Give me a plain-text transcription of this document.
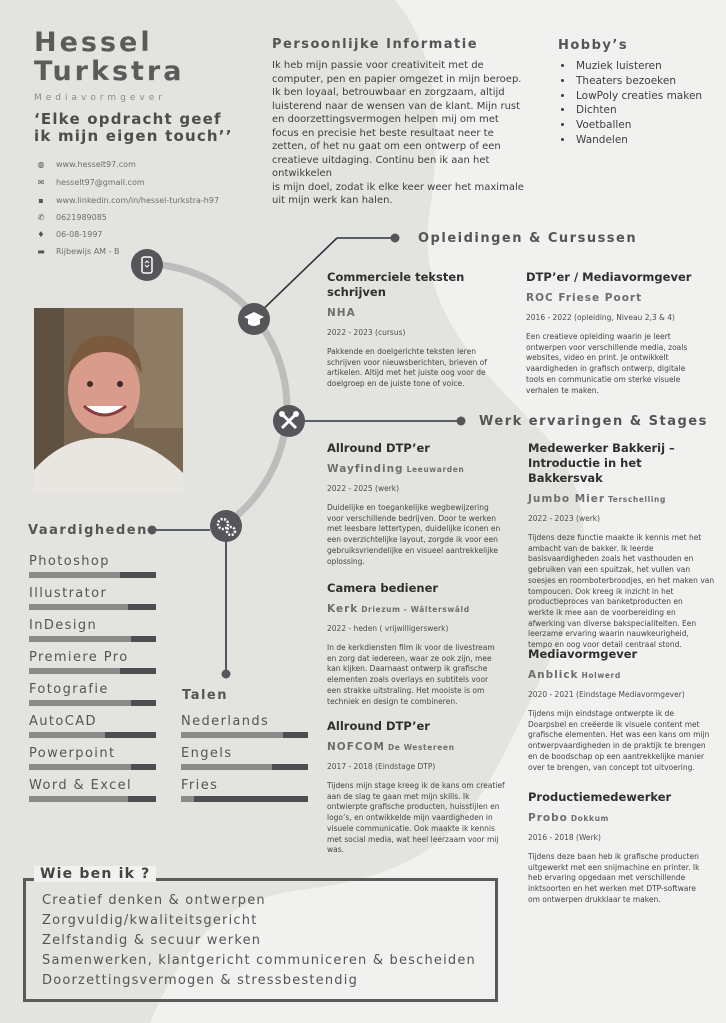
Hessel
Turkstra
Mediavormgever
‘Elke opdracht geef
ik mijn eigen touch’’
◍ www.hesselt97.com
✉ hesselt97@gmail.com
▪ www.linkedin.com/in/hessel-turkstra-h97
✆ 0621989085
♦ 06-08-1997
▬ Rijbewijs AM - B
Persoonlijke Informatie
Ik heb mijn passie voor creativiteit met de
computer, pen en papier omgezet in mijn beroep.
Ik ben loyaal, betrouwbaar en zorgzaam, altijd
luisterend naar de wensen van de klant. Mijn rust
en doorzettingsvermogen helpen mij om met
focus en precisie het beste resultaat neer te
zetten, of het nu gaat om een ontwerp of een
creatieve uitdaging. Continu ben ik aan het ontwikkelen
is mijn doel, zodat ik elke keer weer het maximale
uit mijn werk kan halen.
Hobby’s
• Muziek luisteren
• Theaters bezoeken
• LowPoly creaties maken
• Dichten
• Voetballen
• Wandelen
Opleidingen & Cursussen
Commerciele teksten schrijven
NHA
2022 - 2023 (cursus)
Pakkende en doelgerichte teksten leren
schrijven voor nieuwsberichten, brieven of
artikelen. Altijd met het juiste oog voor de
doelgroep en de juiste tone of voice.
DTP’er / Mediavormgever
ROC Friese Poort
2016 - 2022 (opleiding, Niveau 2,3 & 4)
Een creatieve opleiding waarin je leert
ontwerpen voor verschillende media, zoals
websites, video en print. Je ontwikkelt
vaardigheden in grafisch ontwerp, digitale
tools en communicatie om sterke visuele
verhalen te maken.
Werk ervaringen & Stages
Allround DTP’er
Wayfinding Leeuwarden
2022 - 2025 (werk)
Duidelijke en toegankelijke wegbewijzering
voor verschillende bedrijven. Door te werken
met leesbare lettertypen, duidelijke iconen en
een overzichtelijke layout, zorgde ik voor een
gebruiksvriendelijke en visueel aantrekkelijke
oplossing.
Camera bediener
Kerk Driezum - Wâlterswâld
2022 - heden ( vrijwilligerswerk)
In de kerkdiensten film ik voor de livestream
en zorg dat iedereen, waar ze ook zijn, mee
kan kijken. Daarnaast ontwerp ik grafische
elementen zoals overlays en subtitels voor
een strakke uitstraling. Het mooiste is om
techniek en design te combineren.
Allround DTP’er
NOFCOM De Westereen
2017 - 2018 (Eindstage DTP)
Tijdens mijn stage kreeg ik de kans om creatief
aan de slag te gaan met mijn skills. Ik
ontwierpte grafische producten, huisstijlen en
logo’s, en ontwikkelde mijn vaardigheden in
visuele communicatie. Ook maakte ik kennis
met social media, wat heel leerzaam voor mij
was.
Medewerker Bakkerij –
Introductie in het Bakkersvak
Jumbo Mier Terschelling
2022 - 2023 (werk)
Tijdens deze functie maakte ik kennis met het
ambacht van de bakker. Ik leerde
basisvaardigheden zoals het vasthouden en
gebruiken van een spuitzak, het vullen van
soesjes en roomboterbroodjes, en het maken van
tompoucen. Ook kreeg ik inzicht in het
productieproces van banketproducten en
werkte ik mee aan de voorbereiding en
afwerking van diverse bakspecialiteiten. Een
leerzame ervaring waarin nauwkeurigheid,
tempo en oog voor detail centraal stond.
Mediavormgever
Anblick Holwerd
2020 - 2021 (Eindstage Mediavormgever)
Tijdens mijn eindstage ontwerpte ik de
Doarpsbel en creëerde ik visuele content met
grafische elementen. Het was een kans om mijn
ontwerpvaardigheden in de praktijk te brengen
en de boodschap op een aantrekkelijke manier
over te brengen, van concept tot uitvoering.
Productiemedewerker
Probo Dokkum
2016 - 2018 (Werk)
Tijdens deze baan heb ik grafische producten
uitgewerkt met een snijmachine en printer. Ik
heb ervaring opgedaan met verschillende
inktsoorten en het werken met DTP-software
om ontwerpen drukklaar te maken.
Vaardigheden
Photoshop
Illustrator
InDesign
Premiere Pro
Fotografie
AutoCAD
Powerpoint
Word & Excel
Talen
Nederlands
Engels
Fries
Wie ben ik ?
Creatief denken & ontwerpen
Zorgvuldig/kwaliteitsgericht
Zelfstandig & secuur werken
Samenwerken, klantgericht communiceren & bescheiden
Doorzettingsvermogen & stressbestendig
